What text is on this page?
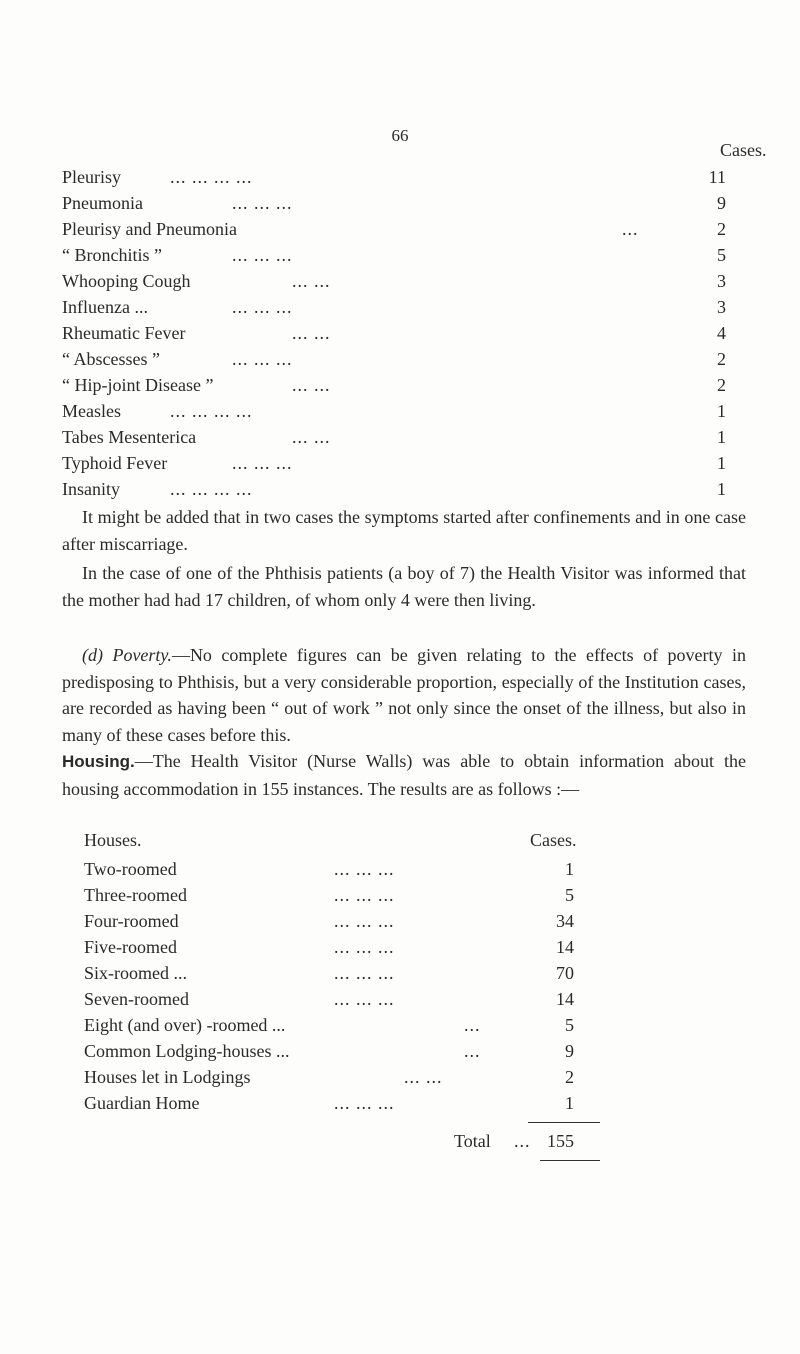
66
Cases.
Pleurisy	... ... ... ...	11
Pneumonia	... ... ...	9
Pleurisy and Pneumonia	...	2
“ Bronchitis ”	... ... ...	5
Whooping Cough	... ...	3
Influenza ...	... ... ...	3
Rheumatic Fever	... ...	4
“ Abscesses ”	... ... ...	2
“ Hip-joint Disease ”	... ...	2
Measles	... ... ... ...	1
Tabes Mesenterica	... ...	1
Typhoid Fever	... ... ...	1
Insanity	... ... ... ...	1
It might be added that in two cases the symptoms started after confinements and in one case after miscarriage.
In the case of one of the Phthisis patients (a boy of 7) the Health Visitor was informed that the mother had had 17 children, of whom only 4 were then living.
(d) Poverty.—No complete figures can be given relating to the effects of poverty in predisposing to Phthisis, but a very considerable proportion, especially of the Institution cases, are recorded as having been “ out of work ” not only since the onset of the illness, but also in many of these cases before this.
Housing.—The Health Visitor (Nurse Walls) was able to obtain information about the housing accommodation in 155 instances. The results are as follows :—
Houses.	Cases.
Two-roomed	... ... ...	1
Three-roomed	... ... ...	5
Four-roomed	... ... ...	34
Five-roomed	... ... ...	14
Six-roomed ...	... ... ...	70
Seven-roomed	... ... ...	14
Eight (and over) -roomed ...	...	5
Common Lodging-houses ...	...	9
Houses let in Lodgings	... ...	2
Guardian Home	... ... ...	1
Total ... 155
